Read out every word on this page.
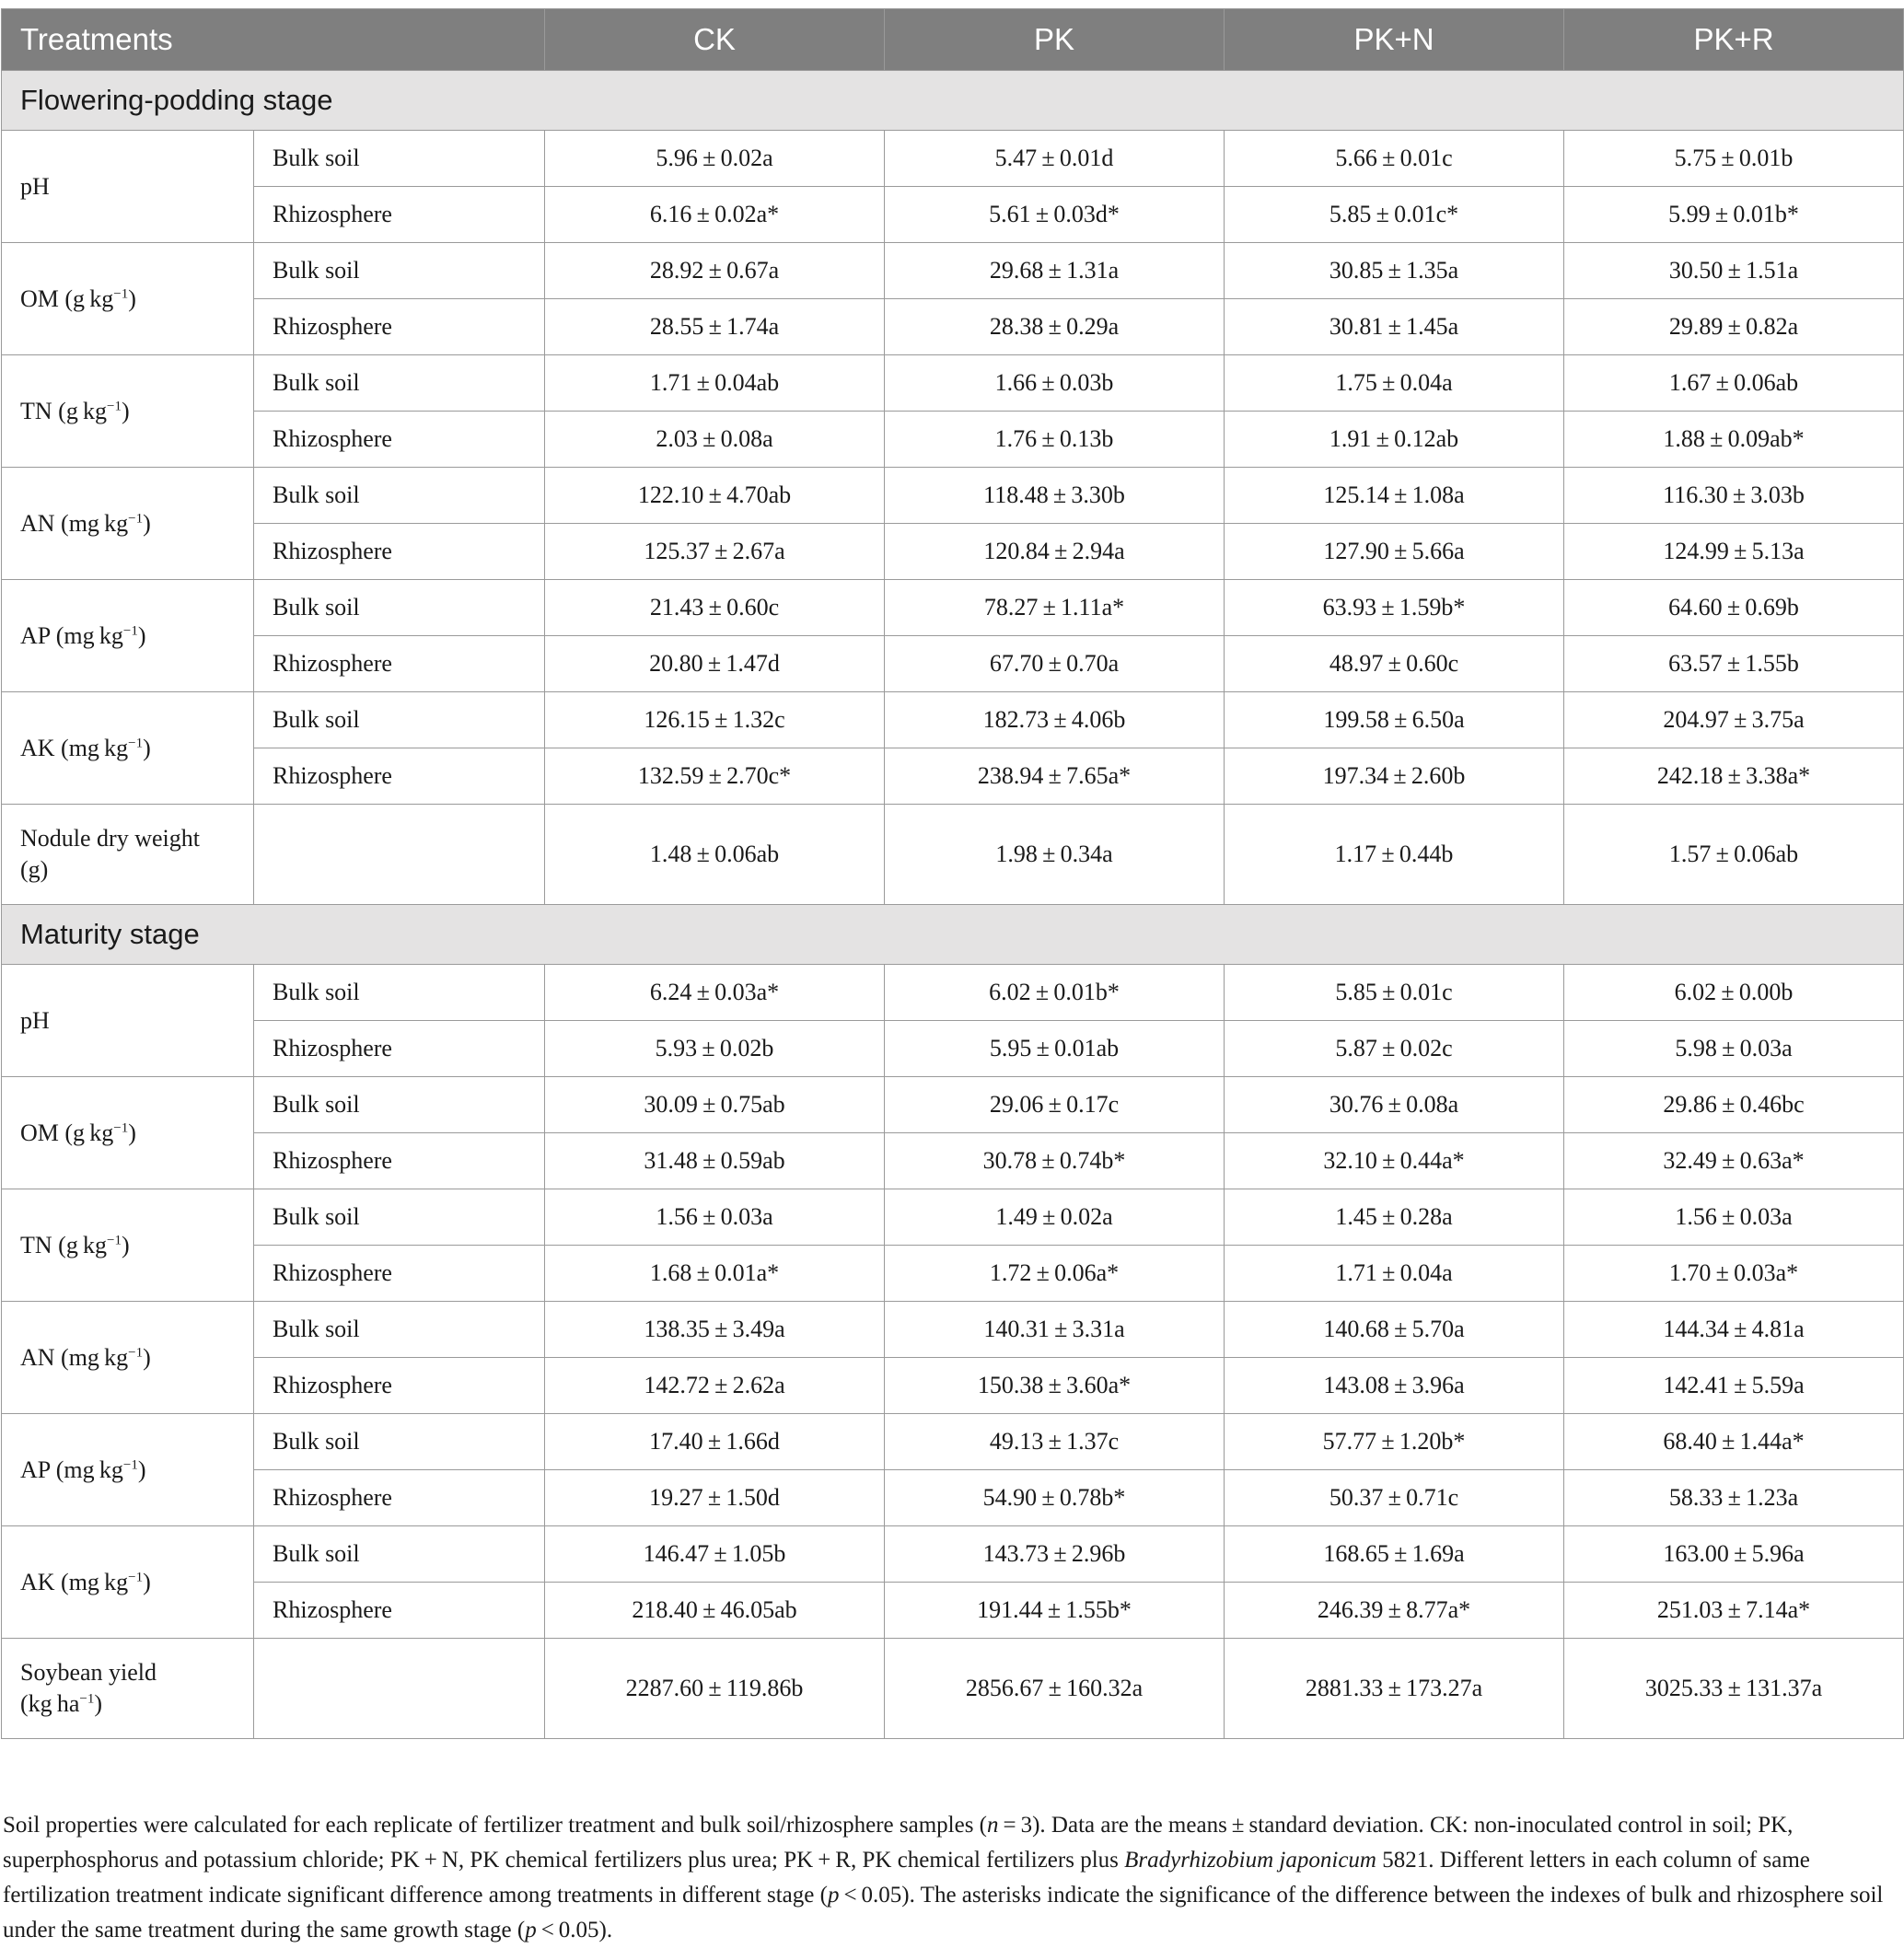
Treatments		CK	PK	PK+N	PK+R
Flowering-podding stage					
pH	Bulk soil	5.96 ± 0.02a	5.47 ± 0.01d	5.66 ± 0.01c	5.75 ± 0.01b
	Rhizosphere	6.16 ± 0.02a*	5.61 ± 0.03d*	5.85 ± 0.01c*	5.99 ± 0.01b*
OM (g $kg^{-1}$)	Bulk soil	28.92 ± 0.67a	29.68 ± 1.31a	30.85 ± 1.35a	30.50 ± 1.51a
	Rhizosphere	28.55 ± 1.74a	28.38 ± 0.29a	30.81 ± 1.45a	29.89 ± 0.82a
TN (g $kg^{-1}$)	Bulk soil	1.71 ± 0.04ab	1.66 ± 0.03b	1.75 ± 0.04a	1.67 ± 0.06ab
	Rhizosphere	2.03 ± 0.08a	1.76 ± 0.13b	1.91 ± 0.12ab	1.88 ± 0.09ab*
AN (mg $kg^{-1}$)	Bulk soil	122.10 ± 4.70ab	118.48 ± 3.30b	125.14 ± 1.08a	116.30 ± 3.03b
	Rhizosphere	125.37 ± 2.67a	120.84 ± 2.94a	127.90 ± 5.66a	124.99 ± 5.13a
AP (mg $kg^{-1}$)	Bulk soil	21.43 ± 0.60c	78.27 ± 1.11a*	63.93 ± 1.59b*	64.60 ± 0.69b
	Rhizosphere	20.80 ± 1.47d	67.70 ± 0.70a	48.97 ± 0.60c	63.57 ± 1.55b
AK (mg $kg^{-1}$)	Bulk soil	126.15 ± 1.32c	182.73 ± 4.06b	199.58 ± 6.50a	204.97 ± 3.75a
	Rhizosphere	132.59 ± 2.70c*	238.94 ± 7.65a*	197.34 ± 2.60b	242.18 ± 3.38a*
Nodule dry weight
(g)		1.48 ± 0.06ab	1.98 ± 0.34a	1.17 ± 0.44b	1.57 ± 0.06ab
Maturity stage					
pH	Bulk soil	6.24 ± 0.03a*	6.02 ± 0.01b*	5.85 ± 0.01c	6.02 ± 0.00b
	Rhizosphere	5.93 ± 0.02b	5.95 ± 0.01ab	5.87 ± 0.02c	5.98 ± 0.03a
OM (g $kg^{-1}$)	Bulk soil	30.09 ± 0.75ab	29.06 ± 0.17c	30.76 ± 0.08a	29.86 ± 0.46bc
	Rhizosphere	31.48 ± 0.59ab	30.78 ± 0.74b*	32.10 ± 0.44a*	32.49 ± 0.63a*
TN (g $kg^{-1}$)	Bulk soil	1.56 ± 0.03a	1.49 ± 0.02a	1.45 ± 0.28a	1.56 ± 0.03a
	Rhizosphere	1.68 ± 0.01a*	1.72 ± 0.06a*	1.71 ± 0.04a	1.70 ± 0.03a*
AN (mg $kg^{-1}$)	Bulk soil	138.35 ± 3.49a	140.31 ± 3.31a	140.68 ± 5.70a	144.34 ± 4.81a
	Rhizosphere	142.72 ± 2.62a	150.38 ± 3.60a*	143.08 ± 3.96a	142.41 ± 5.59a
AP (mg $kg^{-1}$)	Bulk soil	17.40 ± 1.66d	49.13 ± 1.37c	57.77 ± 1.20b*	68.40 ± 1.44a*
	Rhizosphere	19.27 ± 1.50d	54.90 ± 0.78b*	50.37 ± 0.71c	58.33 ± 1.23a
AK (mg $kg^{-1}$)	Bulk soil	146.47 ± 1.05b	143.73 ± 2.96b	168.65 ± 1.69a	163.00 ± 5.96a
	Rhizosphere	218.40 ± 46.05ab	191.44 ± 1.55b*	246.39 ± 8.77a*	251.03 ± 7.14a*
Soybean yield
(kg $ha^{-1}$)		2287.60 ± 119.86b	2856.67 ± 160.32a	2881.33 ± 173.27a	3025.33 ± 131.37a

Soil properties were calculated for each replicate of fertilizer treatment and bulk soil/rhizosphere samples (n = 3). Data are the means ± standard deviation. CK: non-inoculated control in soil; PK, superphosphorus and potassium chloride; PK + N, PK chemical fertilizers plus urea; PK + R, PK chemical fertilizers plus Bradyrhizobium japonicum 5821. Different letters in each column of same fertilization treatment indicate significant difference among treatments in different stage (p < 0.05). The asterisks indicate the significance of the difference between the indexes of bulk and rhizosphere soil under the same treatment during the same growth stage (p < 0.05).
